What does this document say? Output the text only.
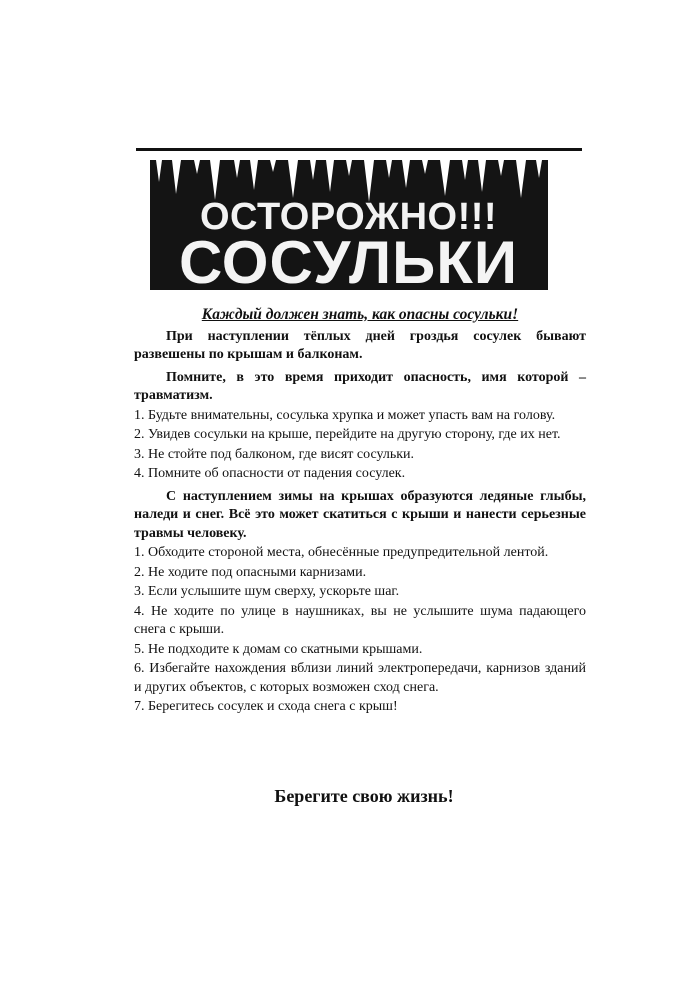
ОСТОРОЖНО!!!
СОСУЛЬКИ

Каждый должен знать, как опасны сосульки!

При наступлении тёплых дней гроздья сосулек бывают развешены по крышам и балконам.

Помните, в это время приходит опасность, имя которой – травматизм.

1. Будьте внимательны, сосулька хрупка и может упасть вам на голову.

2. Увидев сосульки на крыше, перейдите на другую сторону, где их нет.

3. Не стойте под балконом, где висят сосульки.

4. Помните об опасности от падения сосулек.

С наступлением зимы на крышах образуются ледяные глыбы, наледи и снег. Всё это может скатиться с крыши и нанести серьезные травмы человеку.

1. Обходите стороной места, обнесённые предупредительной лентой.

2. Не ходите под опасными карнизами.

3. Если услышите шум сверху, ускорьте шаг.

4. Не ходите по улице в наушниках, вы не услышите шума падающего снега с крыши.

5. Не подходите к домам со скатными крышами.

6. Избегайте нахождения вблизи линий электропередачи, карнизов зданий и других объектов, с которых возможен сход снега.

7. Берегитесь сосулек и схода снега с крыш!

Берегите свою жизнь!
